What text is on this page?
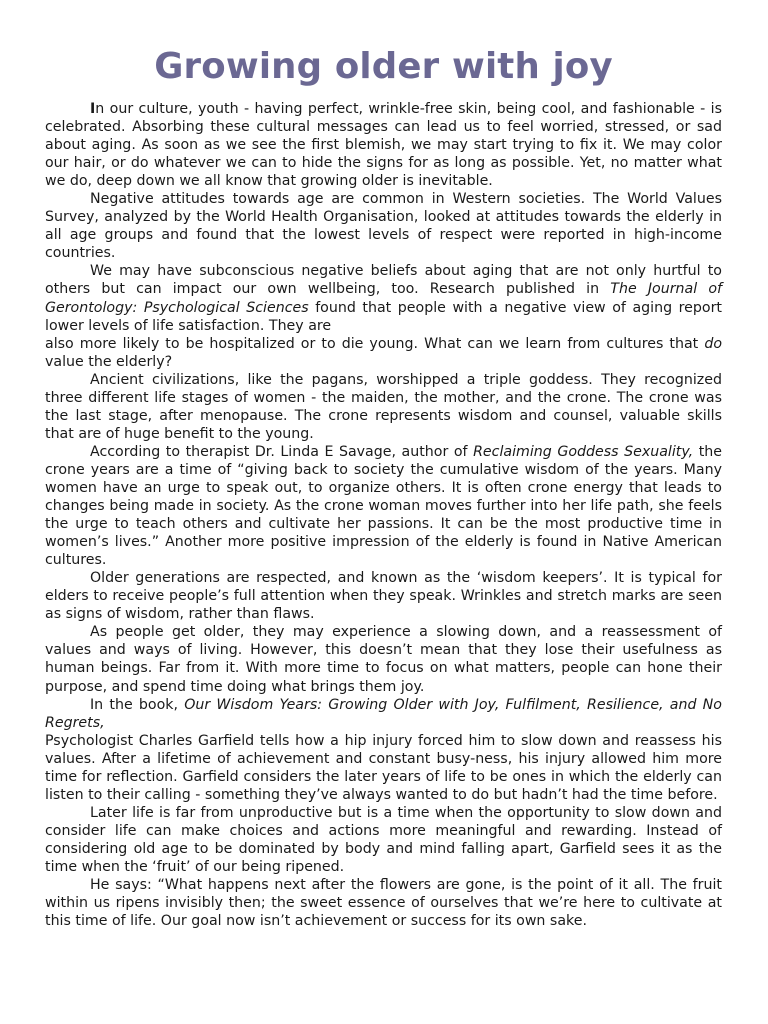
Growing older with joy

In our culture, youth - having perfect, wrinkle-free skin, being cool, and fashionable - is celebrated. Absorbing these cultural messages can lead us to feel worried, stressed, or sad about aging. As soon as we see the first blemish, we may start trying to fix it. We may color our hair, or do whatever we can to hide the signs for as long as possible. Yet, no matter what we do, deep down we all know that growing older is inevitable.

Negative attitudes towards age are common in Western societies. The World Values Survey, analyzed by the World Health Organisation, looked at attitudes towards the elderly in all age groups and found that the lowest levels of respect were reported in high-income countries.

We may have subconscious negative beliefs about aging that are not only hurtful to others but can impact our own wellbeing, too. Research published in The Journal of Gerontology: Psychological Sciences found that people with a negative view of aging report lower levels of life satisfaction. They are

also more likely to be hospitalized or to die young. What can we learn from cultures that do value the elderly?

Ancient civilizations, like the pagans, worshipped a triple goddess. They recognized three different life stages of women - the maiden, the mother, and the crone. The crone was the last stage, after menopause. The crone represents wisdom and counsel, valuable skills that are of huge benefit to the young.

According to therapist Dr. Linda E Savage, author of Reclaiming Goddess Sexuality, the crone years are a time of “giving back to society the cumulative wisdom of the years. Many women have an urge to speak out, to organize others. It is often crone energy that leads to changes being made in society. As the crone woman moves further into her life path, she feels the urge to teach others and cultivate her passions. It can be the most productive time in women’s lives.” Another more positive impression of the elderly is found in Native American cultures.

Older generations are respected, and known as the ‘wisdom keepers’. It is typical for elders to receive people’s full attention when they speak. Wrinkles and stretch marks are seen as signs of wisdom, rather than flaws.

As people get older, they may experience a slowing down, and a reassessment of values and ways of living. However, this doesn’t mean that they lose their usefulness as human beings. Far from it. With more time to focus on what matters, people can hone their purpose, and spend time doing what brings them joy.

In the book, Our Wisdom Years: Growing Older with Joy, Fulfilment, Resilience, and No Regrets,

Psychologist Charles Garfield tells how a hip injury forced him to slow down and reassess his values. After a lifetime of achievement and constant busy-ness, his injury allowed him more time for reflection. Garfield considers the later years of life to be ones in which the elderly can listen to their calling - something they’ve always wanted to do but hadn’t had the time before.

Later life is far from unproductive but is a time when the opportunity to slow down and consider life can make choices and actions more meaningful and rewarding. Instead of considering old age to be dominated by body and mind falling apart, Garfield sees it as the time when the ‘fruit’ of our being ripened.

He says: “What happens next after the flowers are gone, is the point of it all. The fruit within us ripens invisibly then; the sweet essence of ourselves that we’re here to cultivate at this time of life. Our goal now isn’t achievement or success for its own sake.
